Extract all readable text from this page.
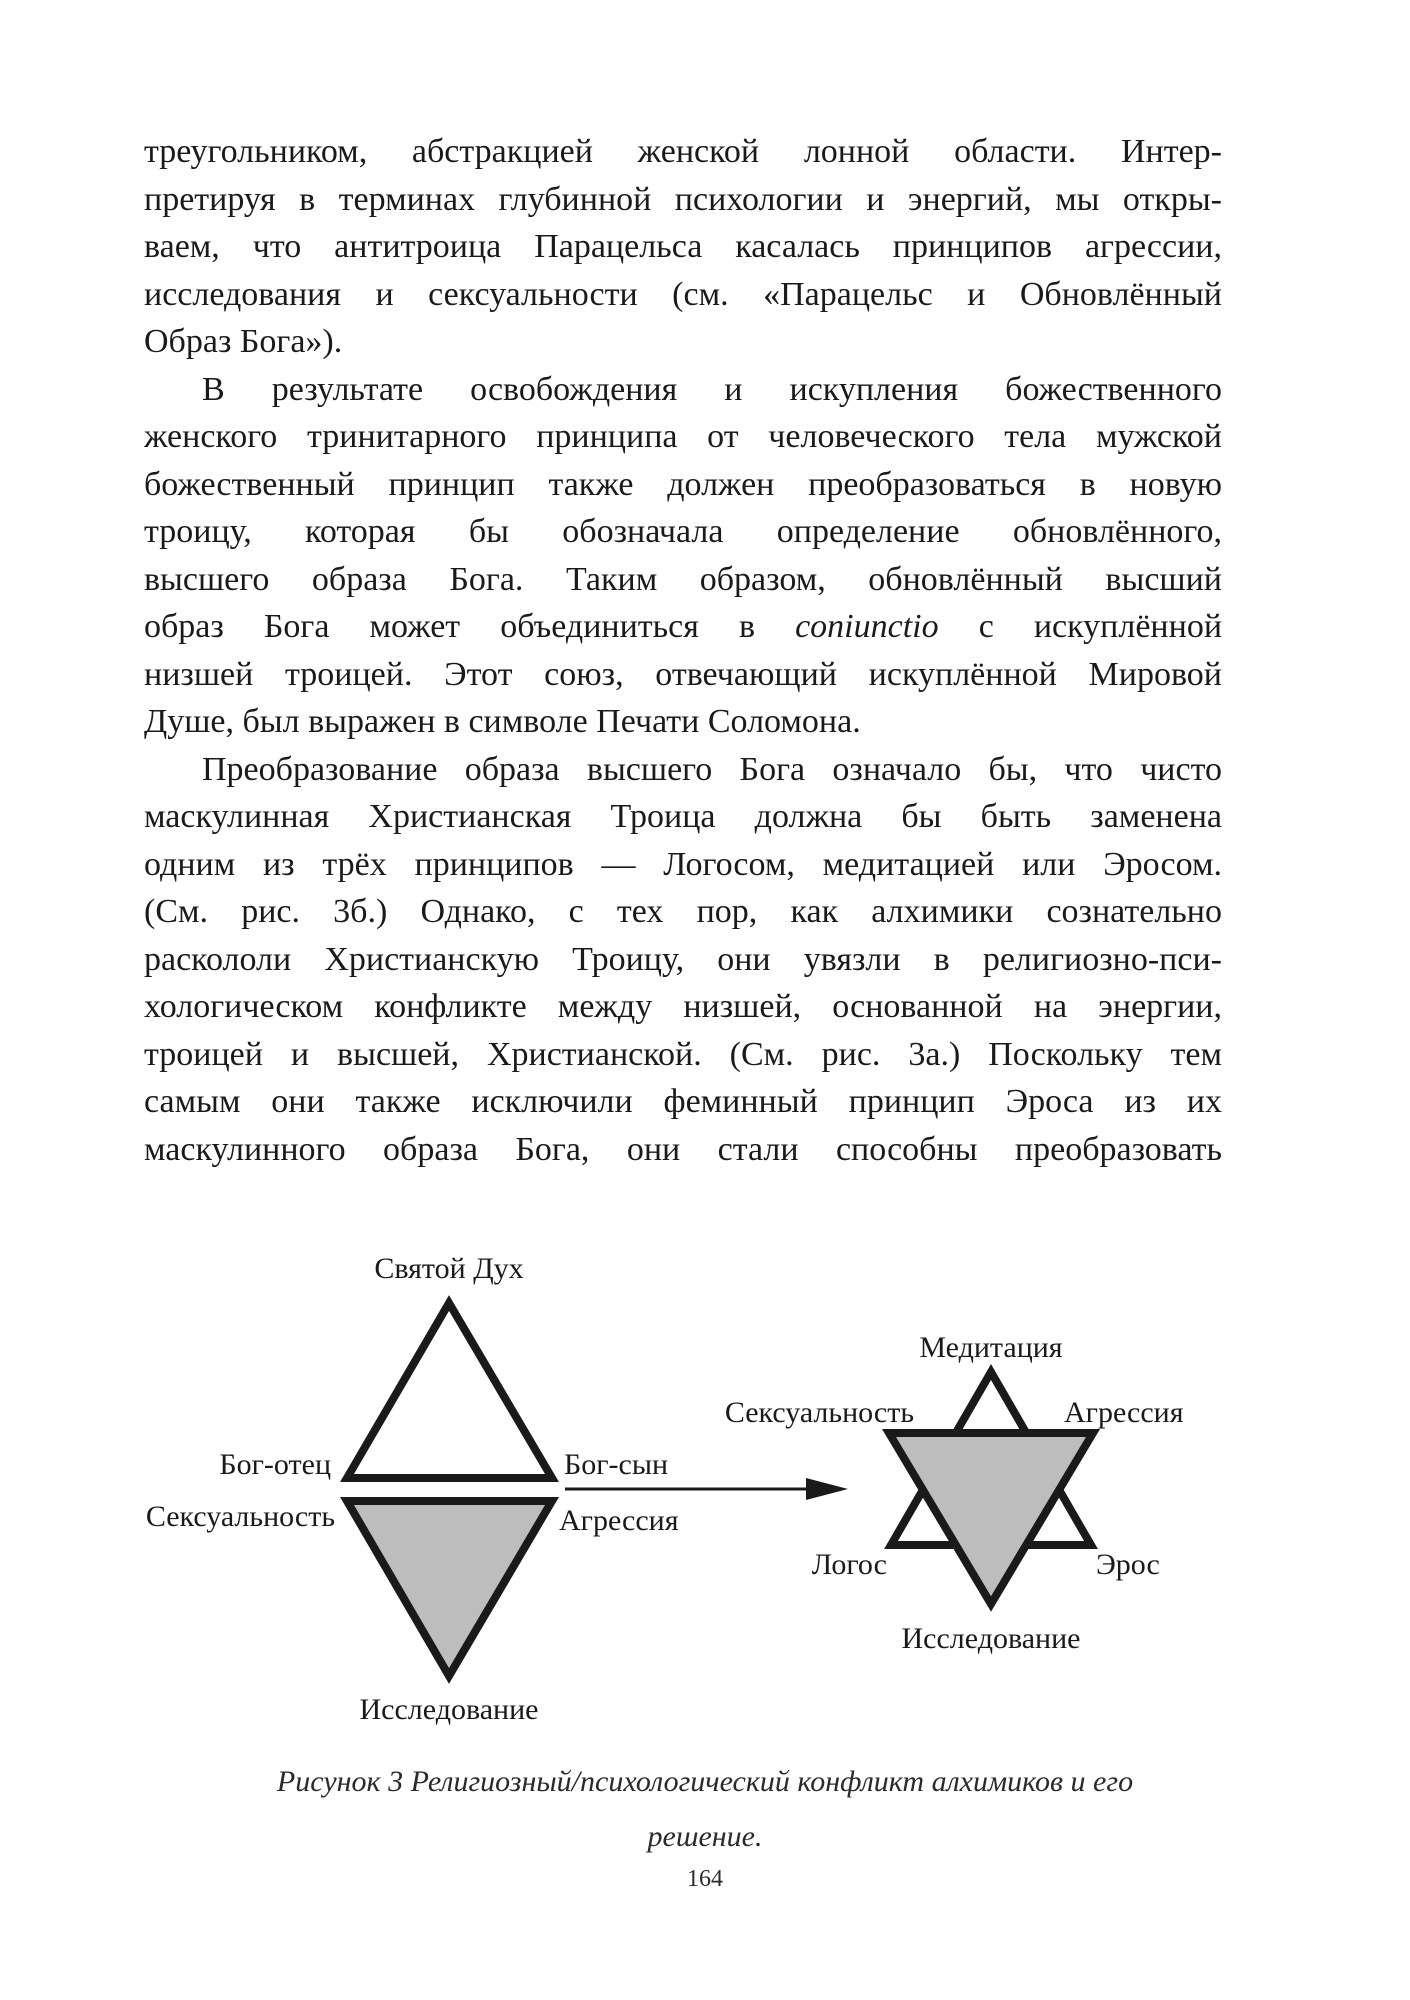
треугольником, абстракцией женской лонной области. Интер-
претируя в терминах глубинной психологии и энергий, мы откры-
ваем, что антитроица Парацельса касалась принципов агрессии,
исследования и сексуальности (см. «Парацельс и Обновлённый
Образ Бога»).
В результате освобождения и искупления божественного
женского тринитарного принципа от человеческого тела мужской
божественный принцип также должен преобразоваться в новую
троицу, которая бы обозначала определение обновлённого,
высшего образа Бога. Таким образом, обновлённый высший
образ Бога может объединиться в coniunctio с искуплённой
низшей троицей. Этот союз, отвечающий искуплённой Мировой
Душе, был выражен в символе Печати Соломона.
Преобразование образа высшего Бога означало бы, что чисто
маскулинная Христианская Троица должна бы быть заменена
одним из трёх принципов — Логосом, медитацией или Эросом.
(См. рис. 3б.) Однако, с тех пор, как алхимики сознательно
раскололи Христианскую Троицу, они увязли в религиозно-пси-
хологическом конфликте между низшей, основанной на энергии,
троицей и высшей, Христианской. (См. рис. 3а.) Поскольку тем
самым они также исключили феминный принцип Эроса из их
маскулинного образа Бога, они стали способны преобразовать
Святой Дух
Бог-отец	Бог-сын
Сексуальность	Агрессия
Исследование
Медитация
Сексуальность	Агрессия
Логос	Эрос
Исследование
Рисунок 3 Религиозный/психологический конфликт алхимиков и его
решение.
164
